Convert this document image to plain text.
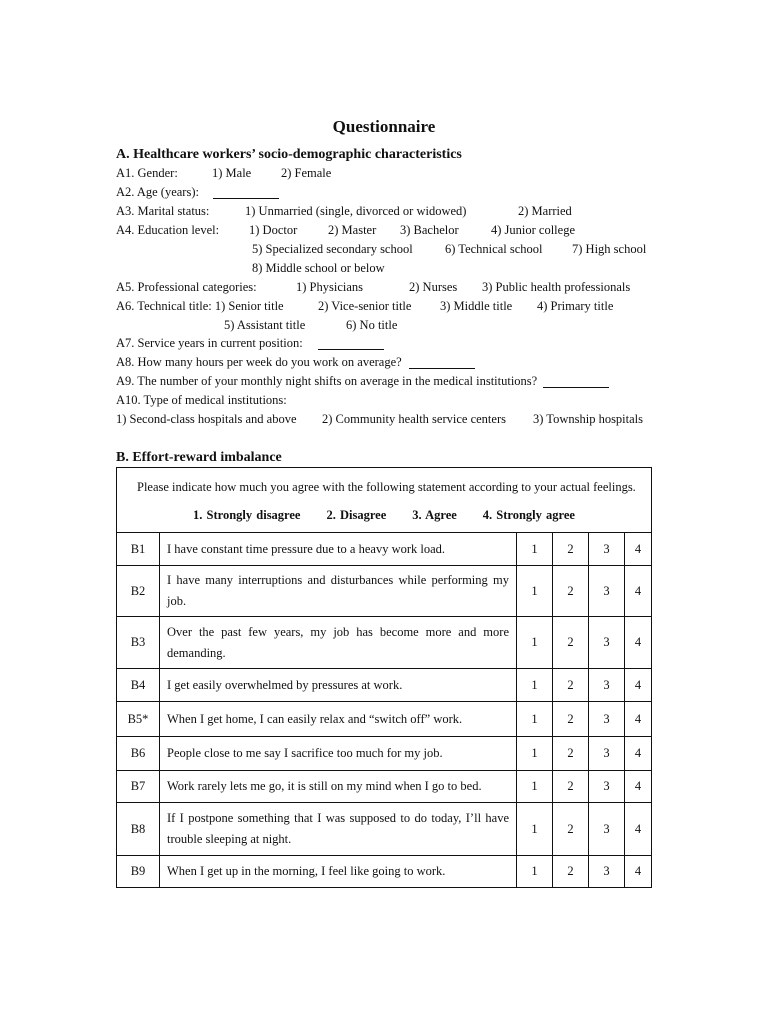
Questionnaire
A. Healthcare workers’ socio-demographic characteristics
A1. Gender:	1) Male 2) Female
A2. Age (years):
A3. Marital status:	1) Unmarried (single, divorced or widowed)	2) Married
A4. Education level: 1) Doctor 2) Master 3) Bachelor	4) Junior college
5) Specialized secondary school	6) Technical school 7) High school
8) Middle school or below
A5. Professional categories:	1) Physicians	2) Nurses 3) Public health professionals
A6. Technical title: 1) Senior title	2) Vice-senior title 3) Middle title 4) Primary title
5) Assistant title	6) No title
A7. Service years in current position:
A8. How many hours per week do you work on average?
A9. The number of your monthly night shifts on average in the medical institutions?
A10. Type of medical institutions:
1) Second-class hospitals and above 2) Community health service centers 3) Township hospitals
B. Effort-reward imbalance
Please indicate how much you agree with the following statement according to your actual feelings.
1. Strongly disagree 2. Disagree 3. Agree 4. Strongly agree					

B1	I have constant time pressure due to a heavy work load.	1	2	3	4
B2	I have many interruptions and disturbances while performing my job.	1	2	3	4
B3	Over the past few years, my job has become more and more demanding.	1	2	3	4
B4	I get easily overwhelmed by pressures at work.	1	2	3	4
B5*	When I get home, I can easily relax and “switch off” work.	1	2	3	4
B6	People close to me say I sacrifice too much for my job.	1	2	3	4
B7	Work rarely lets me go, it is still on my mind when I go to bed.	1	2	3	4
B8	If I postpone something that I was supposed to do today, I’ll have trouble sleeping at night.	1	2	3	4
B9	When I get up in the morning, I feel like going to work.	1	2	3	4
